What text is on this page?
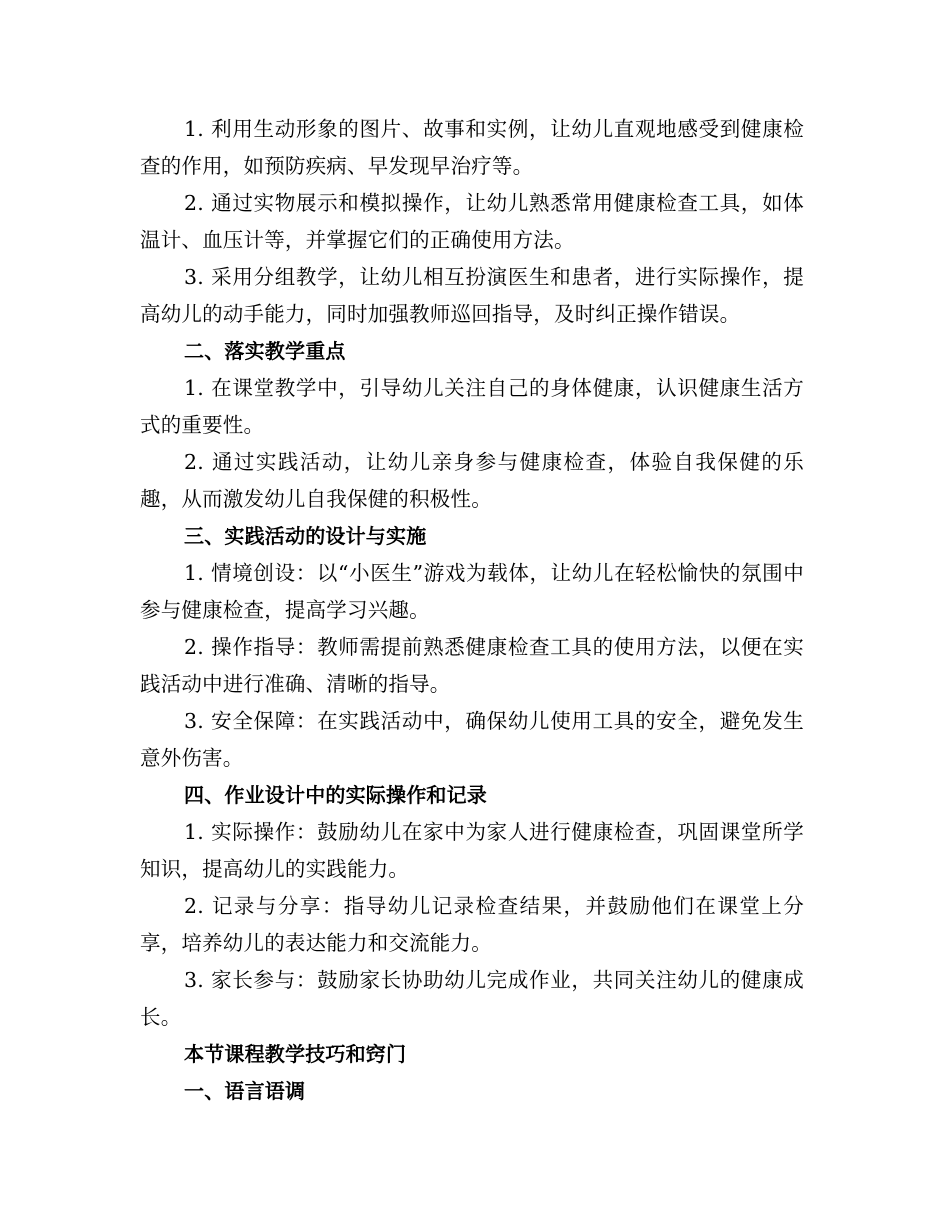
1. 利用生动形象的图片、故事和实例，让幼儿直观地感受到健康检查的作用，如预防疾病、早发现早治疗等。

2. 通过实物展示和模拟操作，让幼儿熟悉常用健康检查工具，如体温计、血压计等，并掌握它们的正确使用方法。

3. 采用分组教学，让幼儿相互扮演医生和患者，进行实际操作，提高幼儿的动手能力，同时加强教师巡回指导，及时纠正操作错误。

二、落实教学重点

1. 在课堂教学中，引导幼儿关注自己的身体健康，认识健康生活方式的重要性。

2. 通过实践活动，让幼儿亲身参与健康检查，体验自我保健的乐趣，从而激发幼儿自我保健的积极性。

三、实践活动的设计与实施

1. 情境创设：以“小医生”游戏为载体，让幼儿在轻松愉快的氛围中参与健康检查，提高学习兴趣。

2. 操作指导：教师需提前熟悉健康检查工具的使用方法，以便在实践活动中进行准确、清晰的指导。

3. 安全保障：在实践活动中，确保幼儿使用工具的安全，避免发生意外伤害。

四、作业设计中的实际操作和记录

1. 实际操作：鼓励幼儿在家中为家人进行健康检查，巩固课堂所学知识，提高幼儿的实践能力。

2. 记录与分享：指导幼儿记录检查结果，并鼓励他们在课堂上分享，培养幼儿的表达能力和交流能力。

3. 家长参与：鼓励家长协助幼儿完成作业，共同关注幼儿的健康成长。

本节课程教学技巧和窍门

一、语言语调
